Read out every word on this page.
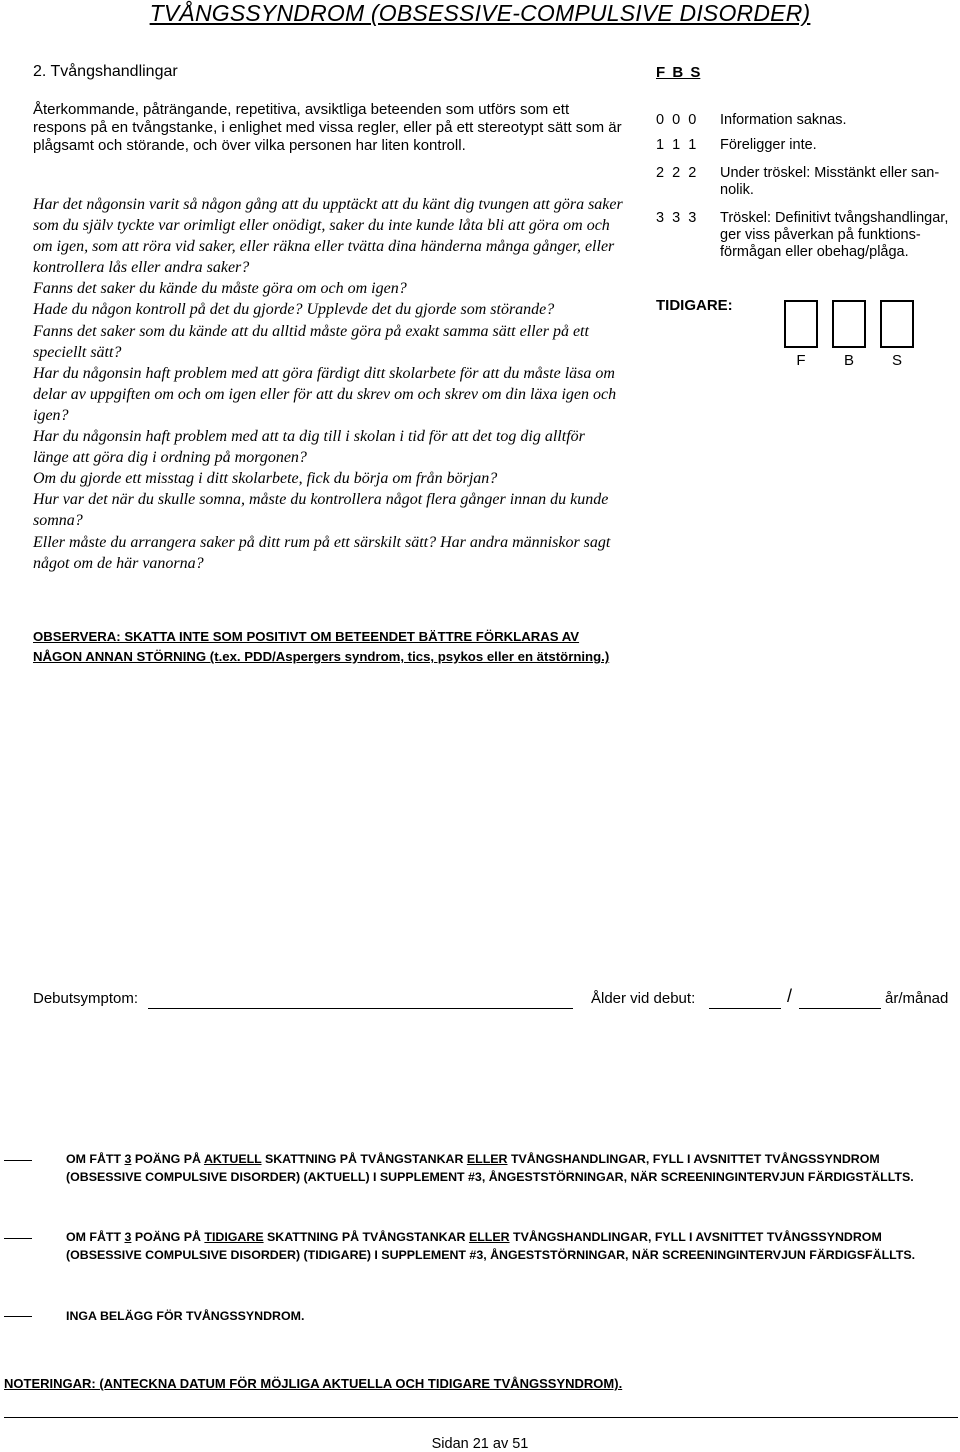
TVÅNGSSYNDROM (OBSESSIVE-COMPULSIVE DISORDER)
2. Tvångshandlingar	F B S
Återkommande, påträngande, repetitiva, avsiktliga beteenden som utförs som ett respons på en tvångstanke, i enlighet med vissa regler, eller på ett stereotypt sätt som är plågsamt och störande, och över vilka personen har liten kontroll.

Har det någonsin varit så någon gång att du upptäckt att du känt dig tvungen att göra saker som du själv tyckte var orimligt eller onödigt, saker du inte kunde låta bli att göra om och om igen, som att röra vid saker, eller räkna eller tvätta dina händerna många gånger, eller kontrollera lås eller andra saker?

Fanns det saker du kände du måste göra om och om igen?

Hade du någon kontroll på det du gjorde? Upplevde det du gjorde som störande?

Fanns det saker som du kände att du alltid måste göra på exakt samma sätt eller på ett speciellt sätt?

Har du någonsin haft problem med att göra färdigt ditt skolarbete för att du måste läsa om delar av uppgiften om och om igen eller för att du skrev om och skrev om din läxa igen och igen?

Har du någonsin haft problem med att ta dig till i skolan i tid för att det tog dig alltför länge att göra dig i ordning på morgonen?

Om du gjorde ett misstag i ditt skolarbete, fick du börja om från början?

Hur var det när du skulle somna, måste du kontrollera något flera gånger innan du kunde somna?

Eller måste du arrangera saker på ditt rum på ett särskilt sätt? Har andra människor sagt något om de här vanorna?

0  0  0	Information saknas.
1  1  1	Föreligger inte.
2  2  2	Under tröskel: Misstänkt eller sannolik.
3  3  3	Tröskel: Definitivt tvångshandlingar, ger viss påverkan på funktionsförmågan eller obehag/plåga.
TIDIGARE:
F	B	S
OBSERVERA: SKATTA INTE SOM POSITIVT OM BETEENDET BÄTTRE FÖRKLARAS AV NÅGON ANNAN STÖRNING (t.ex. PDD/Aspergers syndrom, tics, psykos eller en ätstörning.)
Debutsymptom:	Ålder vid debut:	/	år/månad
OM FÅTT 3 POÄNG PÅ AKTUELL SKATTNING PÅ TVÅNGSTANKAR ELLER TVÅNGSHANDLINGAR, FYLL I AVSNITTET TVÅNGSSYNDROM (OBSESSIVE COMPULSIVE DISORDER) (AKTUELL) I SUPPLEMENT #3, ÅNGESTSTÖRNINGAR, NÄR SCREENINGINTERVJUN FÄRDIGSTÄLLTS.
OM FÅTT 3 POÄNG PÅ TIDIGARE SKATTNING PÅ TVÅNGSTANKAR ELLER TVÅNGSHANDLINGAR, FYLL I AVSNITTET TVÅNGSSYNDROM (OBSESSIVE COMPULSIVE DISORDER) (TIDIGARE) I SUPPLEMENT #3, ÅNGESTSTÖRNINGAR, NÄR SCREENINGINTERVJUN FÄRDIGSFÄLLTS.
INGA BELÄGG FÖR TVÅNGSSYNDROM.
NOTERINGAR: (ANTECKNA DATUM FÖR MÖJLIGA AKTUELLA OCH TIDIGARE TVÅNGSSYNDROM).
Sidan 21 av 51
